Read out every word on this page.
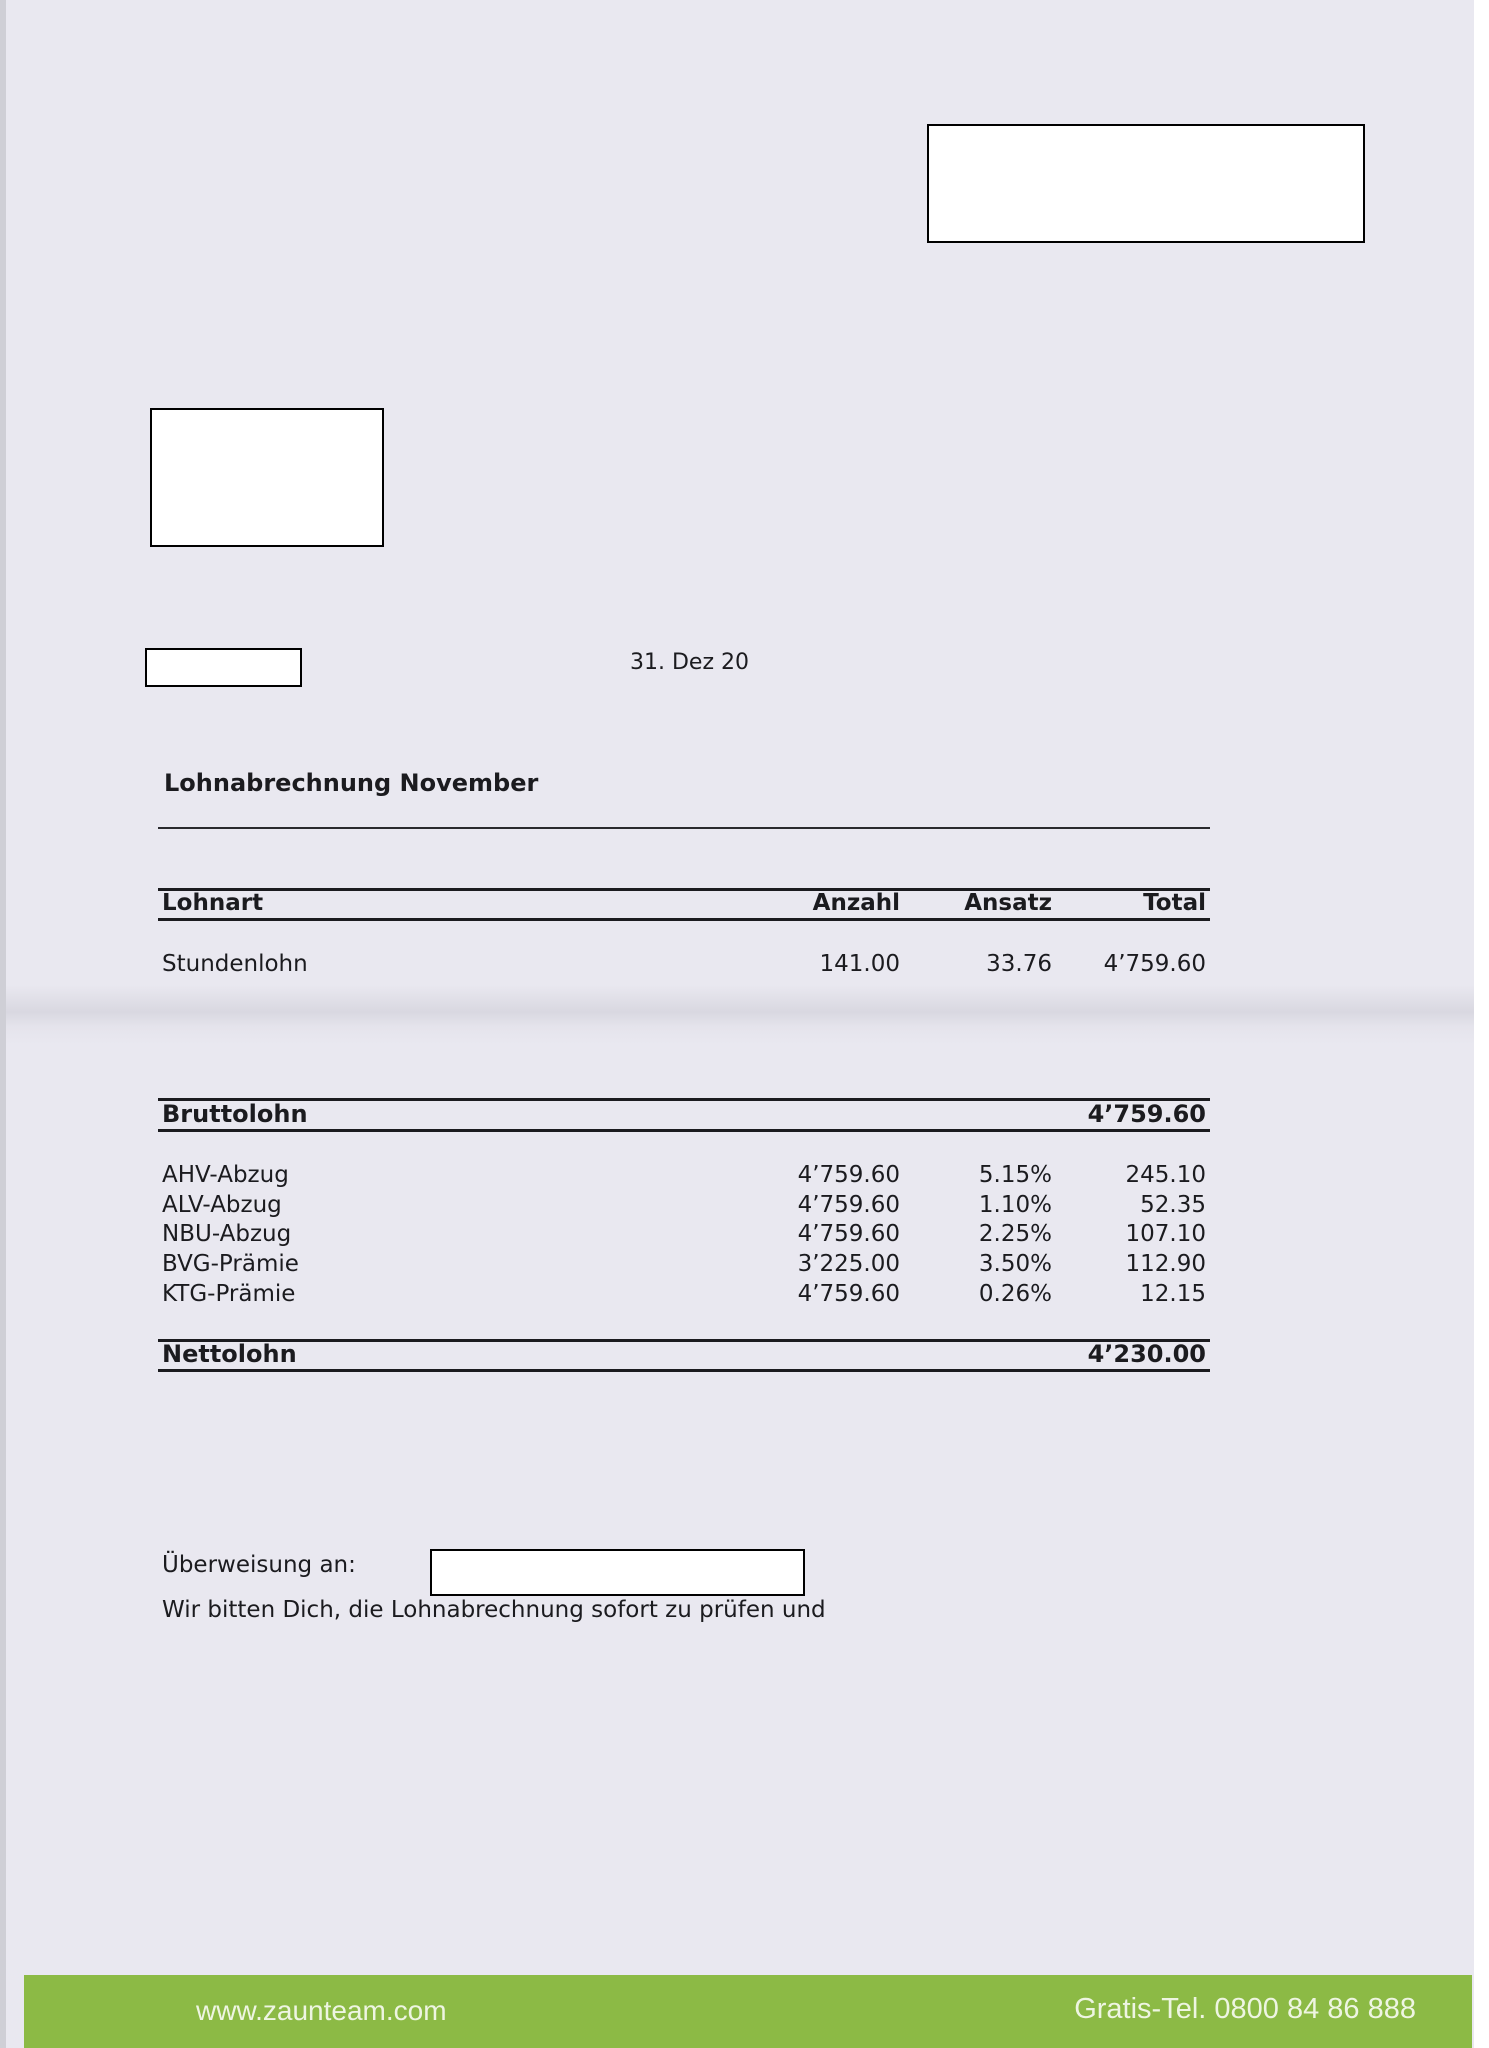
31. Dez 20
Lohnabrechnung November
Lohnart	Anzahl	Ansatz	Total
Stundenlohn	141.00	33.76 4’759.60
Bruttolohn	4’759.60
AHV-Abzug	4’759.60	5.15%	245.10
ALV-Abzug	4’759.60	1.10%	52.35
NBU-Abzug	4’759.60	2.25%	107.10
BVG-Prämie	3’225.00	3.50%	112.90
KTG-Prämie	4’759.60	0.26%	12.15
Nettolohn	4’230.00
Überweisung an:
Wir bitten Dich, die Lohnabrechnung sofort zu prüfen und
www.zaunteam.com	Gratis-Tel. 0800 84 86 888
